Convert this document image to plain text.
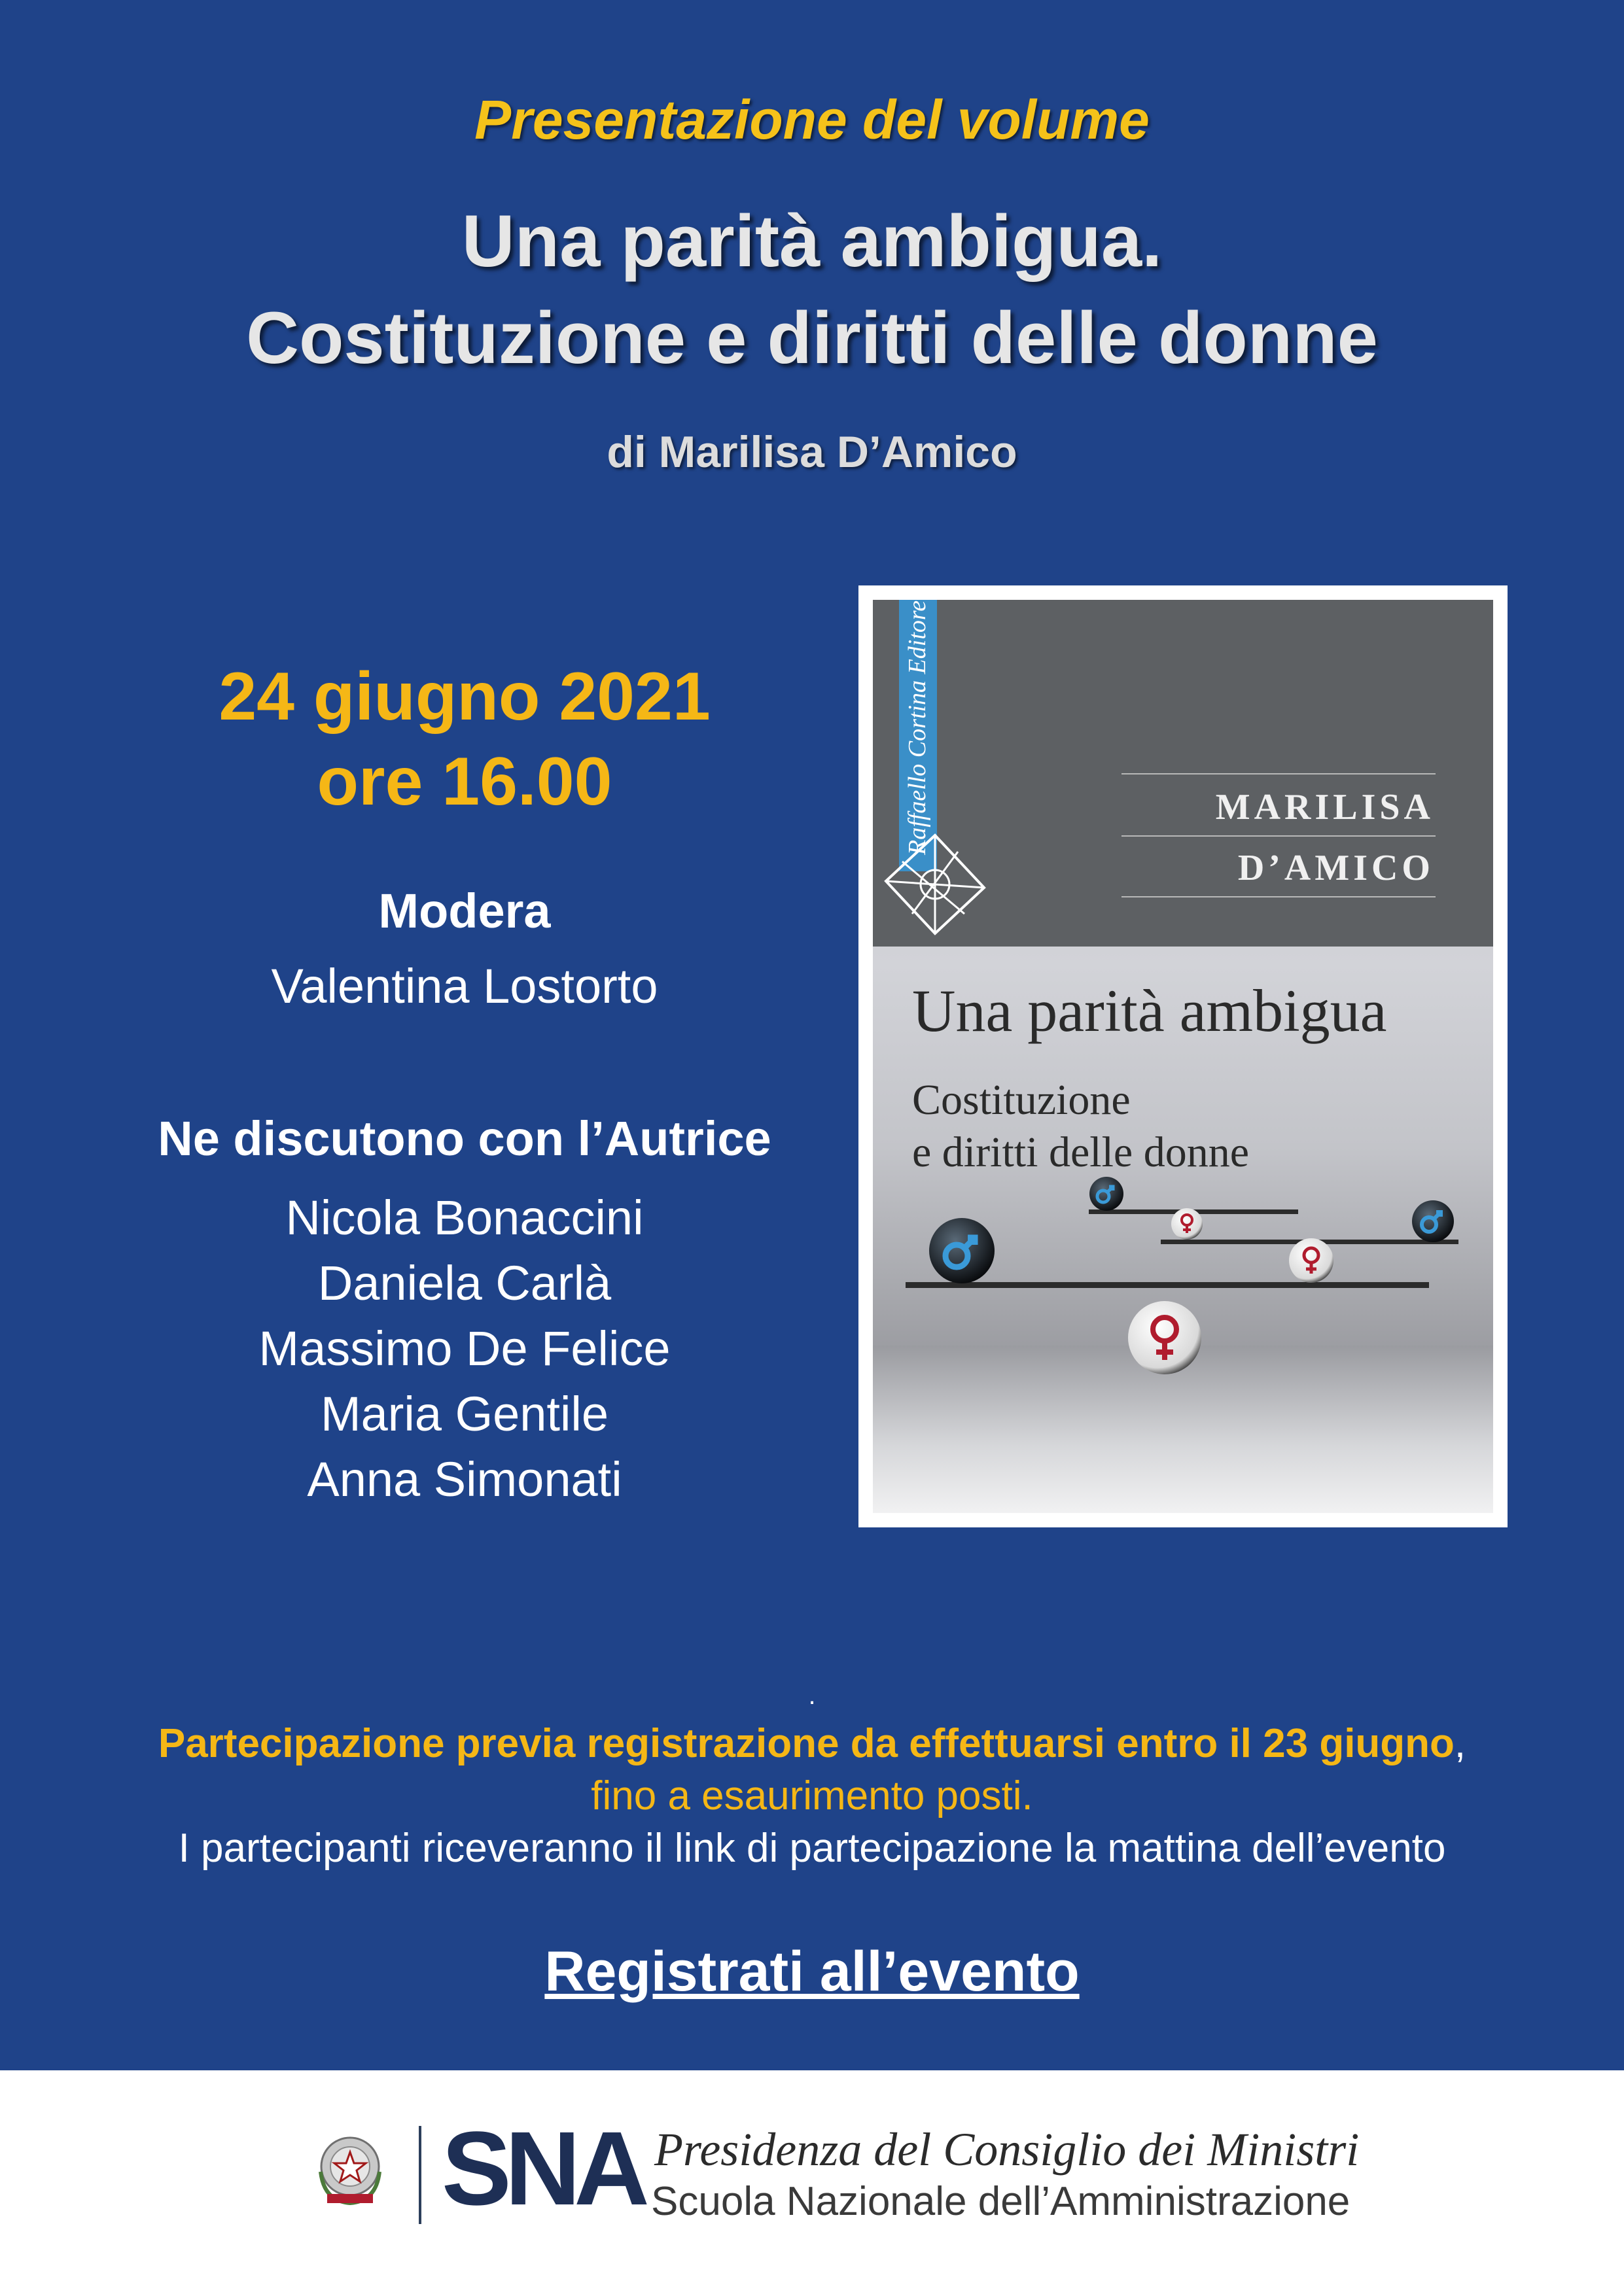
Presentazione del volume
Una parità ambigua.
Costituzione e diritti delle donne
di Marilisa D’Amico
24 giugno 2021
ore 16.00
Modera
Valentina Lostorto
Ne discutono con l’Autrice
Nicola Bonaccini
Daniela Carlà
Massimo De Felice
Maria Gentile
Anna Simonati
Raffaello Cortina Editore	MARILISA
D’AMICO
Una parità ambigua
Costituzione
e diritti delle donne
.
Partecipazione previa registrazione da effettuarsi entro il 23 giugno,
fino a esaurimento posti.
I partecipanti riceveranno il link di partecipazione la mattina dell’evento
Registrati all’evento
SNA Presidenza del Consiglio dei Ministri
Scuola Nazionale dell’Amministrazione
